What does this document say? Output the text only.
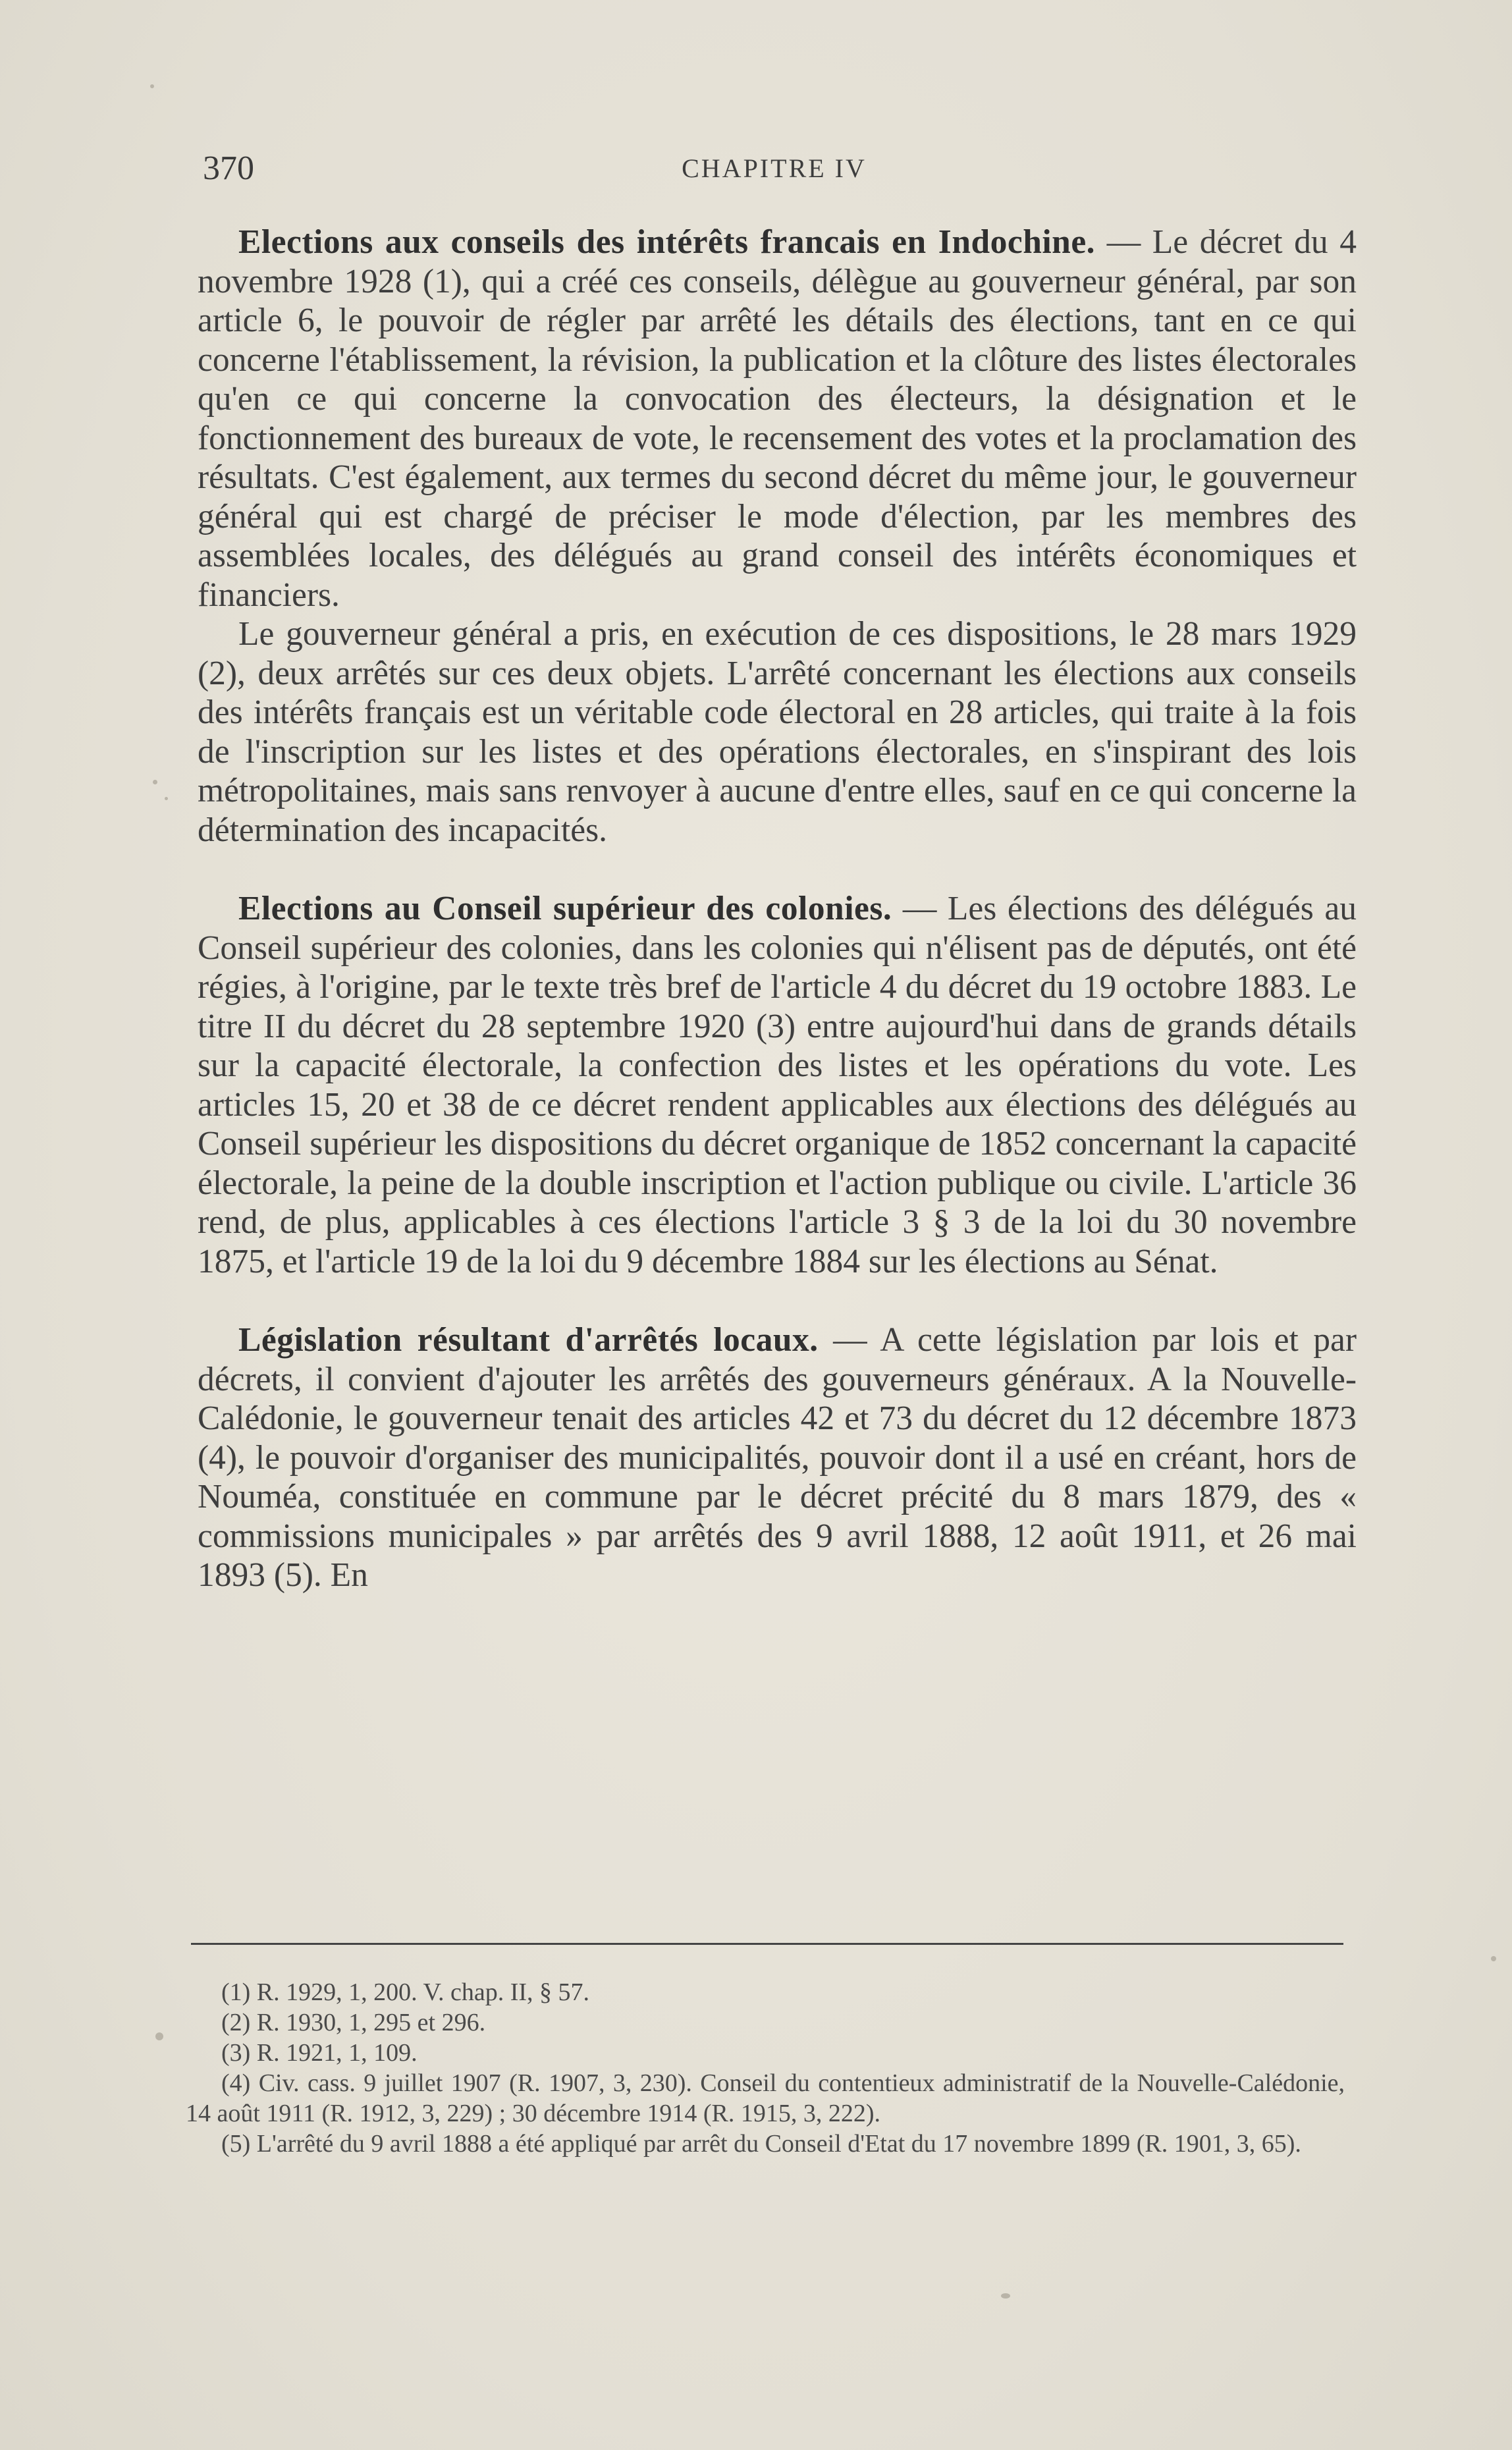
370	CHAPITRE IV

Elections aux conseils des intérêts francais en Indochine. — Le décret du 4 novembre 1928 (1), qui a créé ces conseils, délègue au gouverneur général, par son article 6, le pouvoir de régler par arrêté les détails des élections, tant en ce qui concerne l'établissement, la révision, la publication et la clôture des listes électorales qu'en ce qui concerne la convocation des électeurs, la désignation et le fonctionnement des bureaux de vote, le recensement des votes et la proclamation des résultats. C'est également, aux termes du second décret du même jour, le gouverneur général qui est chargé de préciser le mode d'élection, par les membres des assemblées locales, des délégués au grand conseil des intérêts économiques et financiers.

Le gouverneur général a pris, en exécution de ces dispositions, le 28 mars 1929 (2), deux arrêtés sur ces deux objets. L'arrêté concernant les élections aux conseils des intérêts français est un véritable code électoral en 28 articles, qui traite à la fois de l'inscription sur les listes et des opérations électorales, en s'inspirant des lois métropolitaines, mais sans renvoyer à aucune d'entre elles, sauf en ce qui concerne la détermination des incapacités.

Elections au Conseil supérieur des colonies. — Les élections des délégués au Conseil supérieur des colonies, dans les colonies qui n'élisent pas de députés, ont été régies, à l'origine, par le texte très bref de l'article 4 du décret du 19 octobre 1883. Le titre II du décret du 28 septembre 1920 (3) entre aujourd'hui dans de grands détails sur la capacité électorale, la confection des listes et les opérations du vote. Les articles 15, 20 et 38 de ce décret rendent applicables aux élections des délégués au Conseil supérieur les dispositions du décret organique de 1852 concernant la capacité électorale, la peine de la double inscription et l'action publique ou civile. L'article 36 rend, de plus, applicables à ces élections l'article 3 § 3 de la loi du 30 novembre 1875, et l'article 19 de la loi du 9 décembre 1884 sur les élections au Sénat.

Législation résultant d'arrêtés locaux. — A cette législation par lois et par décrets, il convient d'ajouter les arrêtés des gouverneurs généraux. A la Nouvelle-Calédonie, le gouverneur tenait des articles 42 et 73 du décret du 12 décembre 1873 (4), le pouvoir d'organiser des municipalités, pouvoir dont il a usé en créant, hors de Nouméa, constituée en commune par le décret précité du 8 mars 1879, des « commissions municipales » par arrêtés des 9 avril 1888, 12 août 1911, et 26 mai 1893 (5). En

(1) R. 1929, 1, 200. V. chap. II, § 57.

(2) R. 1930, 1, 295 et 296.

(3) R. 1921, 1, 109.

(4) Civ. cass. 9 juillet 1907 (R. 1907, 3, 230). Conseil du contentieux administratif de la Nouvelle-Calédonie, 14 août 1911 (R. 1912, 3, 229) ; 30 décembre 1914 (R. 1915, 3, 222).

(5) L'arrêté du 9 avril 1888 a été appliqué par arrêt du Conseil d'Etat du 17 novembre 1899 (R. 1901, 3, 65).
